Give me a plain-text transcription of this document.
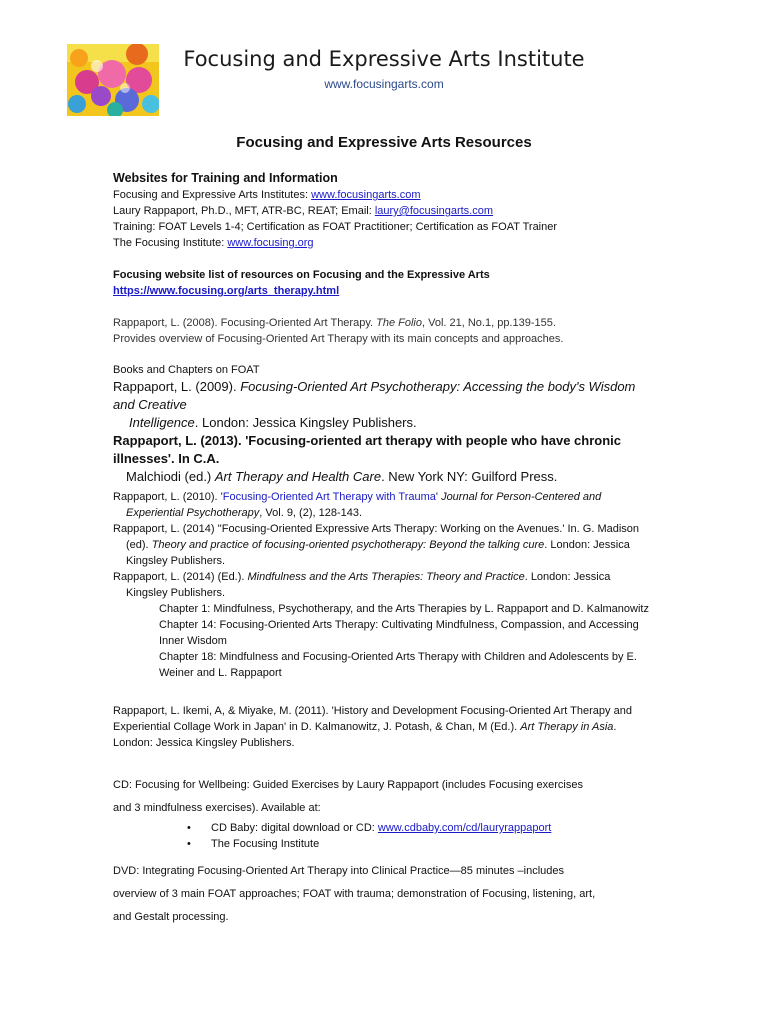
Focusing and Expressive Arts Institute
www.focusingarts.com
Focusing and Expressive Arts Resources
Websites for Training and Information
Focusing and Expressive Arts Institutes: www.focusingarts.com
Laury Rappaport, Ph.D., MFT, ATR-BC, REAT; Email: laury@focusingarts.com
Training: FOAT Levels 1-4; Certification as FOAT Practitioner; Certification as FOAT Trainer
The Focusing Institute: www.focusing.org
Focusing website list of resources on Focusing and the Expressive Arts
https://www.focusing.org/arts_therapy.html
Rappaport, L. (2008). Focusing-Oriented Art Therapy. The Folio, Vol. 21, No.1, pp.139-155.
Provides overview of Focusing-Oriented Art Therapy with its main concepts and approaches.
Books and Chapters on FOAT
Rappaport, L. (2009). Focusing-Oriented Art Psychotherapy: Accessing the body's Wisdom and Creative
Intelligence. London: Jessica Kingsley Publishers.
Rappaport, L. (2013). 'Focusing-oriented art therapy with people who have chronic illnesses'. In C.A.
Malchiodi (ed.) Art Therapy and Health Care. New York NY: Guilford Press.
Rappaport, L. (2010). 'Focusing-Oriented Art Therapy with Trauma' Journal for Person-Centered and Experiential Psychotherapy, Vol. 9, (2), 128-143.
Rappaport, L. (2014) ''Focusing-Oriented Expressive Arts Therapy: Working on the Avenues.' In. G. Madison (ed). Theory and practice of focusing-oriented psychotherapy: Beyond the talking cure. London: Jessica Kingsley Publishers.
Rappaport, L. (2014) (Ed.). Mindfulness and the Arts Therapies: Theory and Practice. London: Jessica Kingsley Publishers.
Chapter 1: Mindfulness, Psychotherapy, and the Arts Therapies by L. Rappaport and D. Kalmanowitz
Chapter 14: Focusing-Oriented Arts Therapy: Cultivating Mindfulness, Compassion, and Accessing Inner Wisdom
Chapter 18: Mindfulness and Focusing-Oriented Arts Therapy with Children and Adolescents by E. Weiner and L. Rappaport
Rappaport, L. Ikemi, A, & Miyake, M. (2011). 'History and Development Focusing-Oriented Art Therapy and Experiential Collage Work in Japan' in D. Kalmanowitz, J. Potash, & Chan, M (Ed.). Art Therapy in Asia. London: Jessica Kingsley Publishers.
CD: Focusing for Wellbeing: Guided Exercises by Laury Rappaport (includes Focusing exercises
and 3 mindfulness exercises). Available at:
•	CD Baby: digital download or CD: www.cdbaby.com/cd/lauryrappaport
•	The Focusing Institute
DVD: Integrating Focusing-Oriented Art Therapy into Clinical Practice—85 minutes –includes
overview of 3 main FOAT approaches; FOAT with trauma; demonstration of Focusing, listening, art,
and Gestalt processing.
